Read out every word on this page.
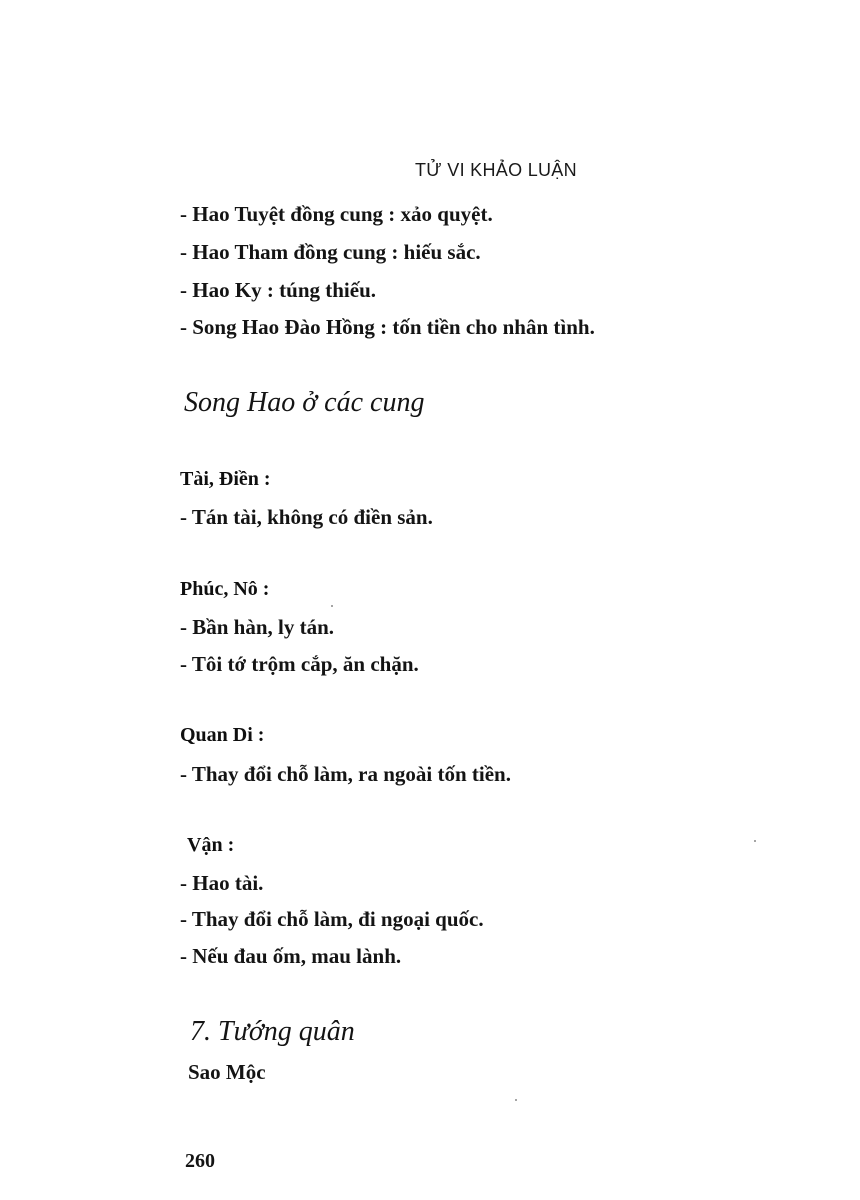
TỬ VI KHẢO LUẬN
- Hao Tuyệt đồng cung : xảo quyệt.
- Hao Tham đồng cung : hiếu sắc.
- Hao Ky : túng thiếu.
- Song Hao Đào Hồng : tốn tiền cho nhân tình.
Song Hao ở các cung
Tài, Điền :
- Tán tài, không có điền sản.
Phúc, Nô :
- Bần hàn, ly tán.
- Tôi tớ trộm cắp, ăn chặn.
Quan Di :
- Thay đổi chỗ làm, ra ngoài tốn tiền.
Vận :
- Hao tài.
- Thay đổi chỗ làm, đi ngoại quốc.
- Nếu đau ốm, mau lành.
7. Tướng quân
Sao Mộc
260
